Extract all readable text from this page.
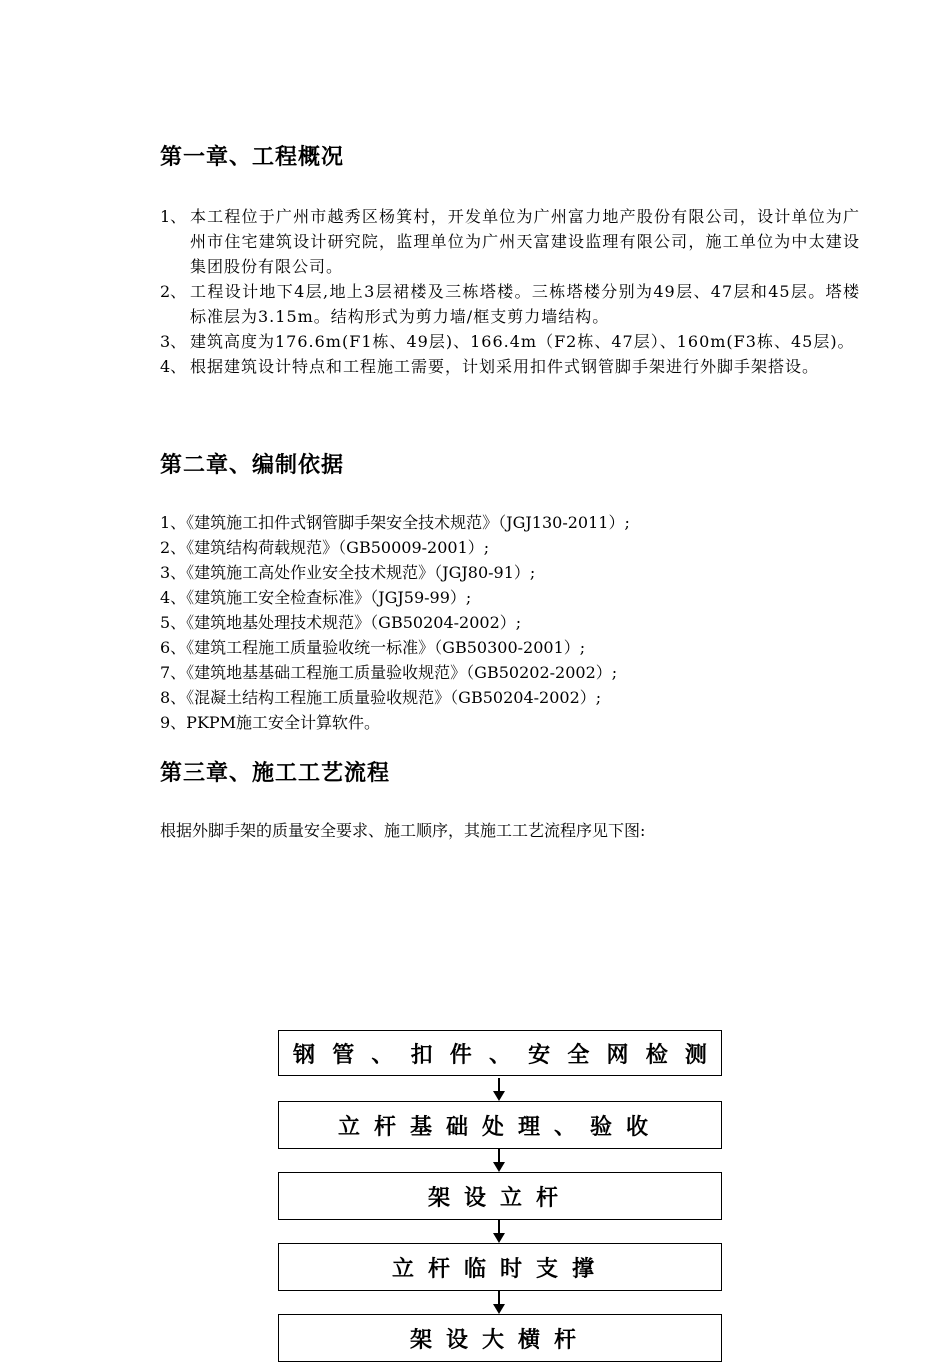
第一章、工程概况
1、 本工程位于广州市越秀区杨箕村，开发单位为广州富力地产股份有限公司，设计单位为广州市住宅建筑设计研究院，监理单位为广州天富建设监理有限公司，施工单位为中太建设集团股份有限公司。
2、 工程设计地下4层,地上3层裙楼及三栋塔楼。三栋塔楼分别为49层、47层和45层。塔楼标准层为3.15m。结构形式为剪力墙/框支剪力墙结构。
3、 建筑高度为176.6m(F1栋、49层)、166.4m（F2栋、47层）、160m(F3栋、45层)。
4、 根据建筑设计特点和工程施工需要，计划采用扣件式钢管脚手架进行外脚手架搭设。
第二章、编制依据
1、《建筑施工扣件式钢管脚手架安全技术规范》（JGJ130-2011）;
2、《建筑结构荷载规范》（GB50009-2001）;
3、《建筑施工高处作业安全技术规范》（JGJ80-91）;
4、《建筑施工安全检查标准》（JGJ59-99）;
5、《建筑地基处理技术规范》（GB50204-2002）;
6、《建筑工程施工质量验收统一标准》（GB50300-2001）;
7、《建筑地基基础工程施工质量验收规范》（GB50202-2002）;
8、《混凝土结构工程施工质量验收规范》（GB50204-2002）;
9、PKPM施工安全计算软件。
第三章、施工工艺流程

根据外脚手架的质量安全要求、施工顺序，其施工工艺流程序见下图:

钢 管 、 扣 件 、 安 全 网 检 测
立杆基础处理、验收
架设立杆
立杆临时支撑
架设大横杆
